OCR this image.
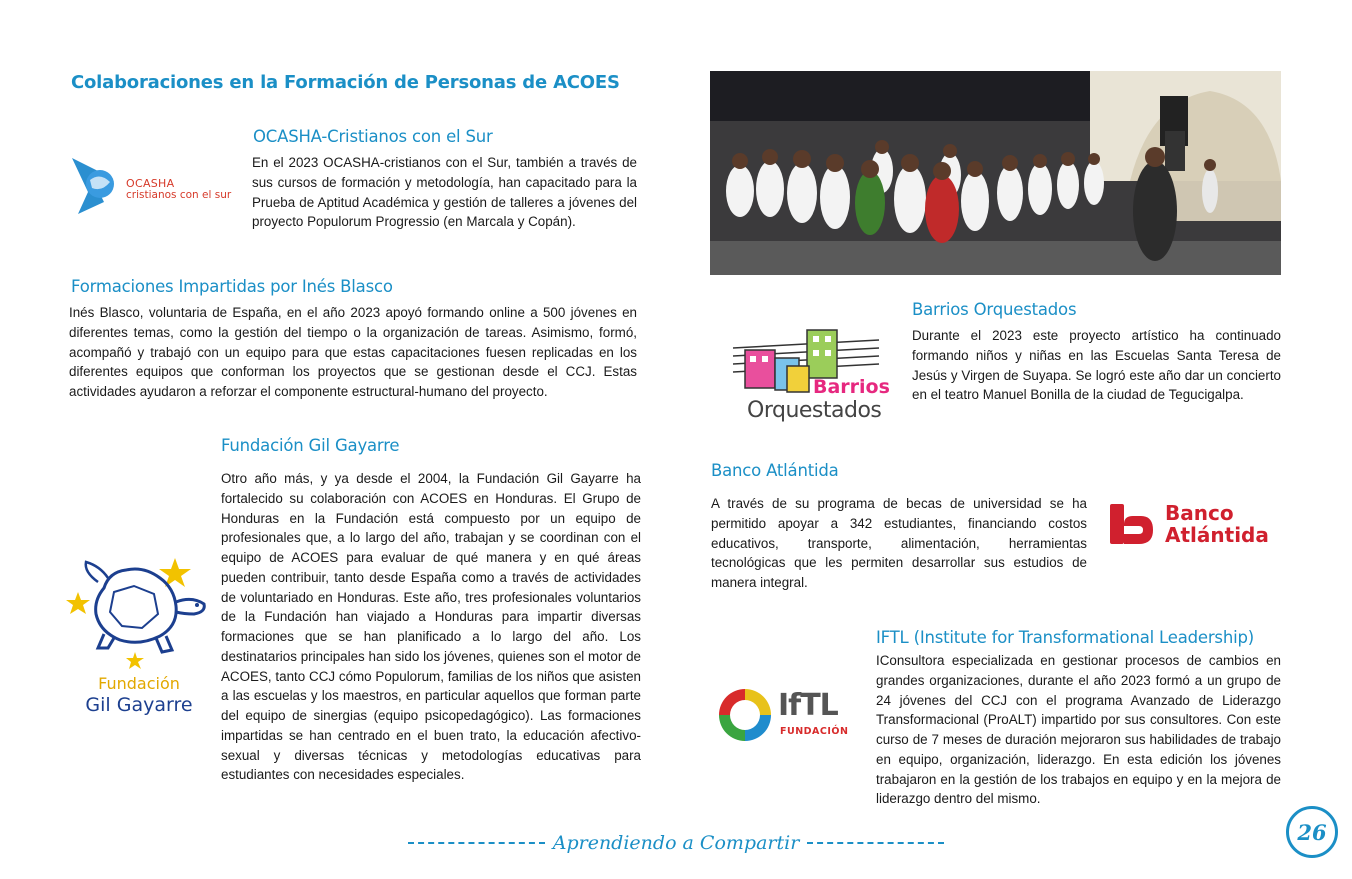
Colaboraciones en la Formación de Personas de ACOES
OCASHA
cristianos con el sur
OCASHA-Cristianos con el Sur
En el 2023 OCASHA-cristianos con el Sur, también a través de sus cursos de formación y metodología, han capacitado para la Prueba de Aptitud Académica y gestión de talleres a jóvenes del proyecto Populorum Progressio (en Marcala y Copán).
Formaciones Impartidas por Inés Blasco
Inés Blasco, voluntaria de España, en el año 2023 apoyó formando online a 500 jóvenes en diferentes temas, como la gestión del tiempo o la organización de tareas. Asimismo, formó, acompañó y trabajó con un equipo para que estas capacitaciones fuesen replicadas en los diferentes equipos que conforman los proyectos que se gestionan desde el CCJ. Estas actividades ayudaron a reforzar el componente estructural-humano del proyecto.
Fundación Gil Gayarre
Fundación
Gil Gayarre
Otro año más, y ya desde el 2004, la Fundación Gil Gayarre ha fortalecido su colaboración con ACOES en Honduras. El Grupo de Honduras en la Fundación está compuesto por un equipo de profesionales que, a lo largo del año, trabajan y se coordinan con el equipo de ACOES para evaluar de qué manera y en qué áreas pueden contribuir, tanto desde España como a través de actividades de voluntariado en Honduras. Este año, tres profesionales voluntarios de la Fundación han viajado a Honduras para impartir diversas formaciones que se han planificado a lo largo del año. Los destinatarios principales han sido los jóvenes, quienes son el motor de ACOES, tanto CCJ cómo Populorum, familias de los niños que asisten a las escuelas y los maestros, en particular aquellos que forman parte del equipo de sinergias (equipo psicopedagógico). Las formaciones impartidas se han centrado en el buen trato, la educación afectivo-sexual y diversas técnicas y metodologías educativas para estudiantes con necesidades especiales.
Barrios
Orquestados
Barrios Orquestados
Durante el 2023 este proyecto artístico ha continuado formando niños y niñas en las Escuelas Santa Teresa de Jesús y Virgen de Suyapa. Se logró este año dar un concierto en el teatro Manuel Bonilla de la ciudad de Tegucigalpa.
Banco Atlántida
A través de su programa de becas de universidad se ha permitido apoyar a 342 estudiantes, financiando costos educativos, transporte, alimentación, herramientas tecnológicas que les permiten desarrollar sus estudios de manera integral.
Banco
Atlántida
IFTL (Institute for Transformational Leadership)
IConsultora especializada en gestionar procesos de cambios en grandes organizaciones, durante el año 2023 formó a un grupo de 24 jóvenes del CCJ con el programa Avanzado de Liderazgo Transformacional (ProALT) impartido por sus consultores. Con este curso de 7 meses de duración mejoraron sus habilidades de trabajo en equipo, organización, liderazgo. En esta edición los jóvenes trabajaron en la gestión de los trabajos en equipo y en la mejora de liderazgo dentro del mismo.
IfTL
FUNDACIÓN
Aprendiendo a Compartir	26
